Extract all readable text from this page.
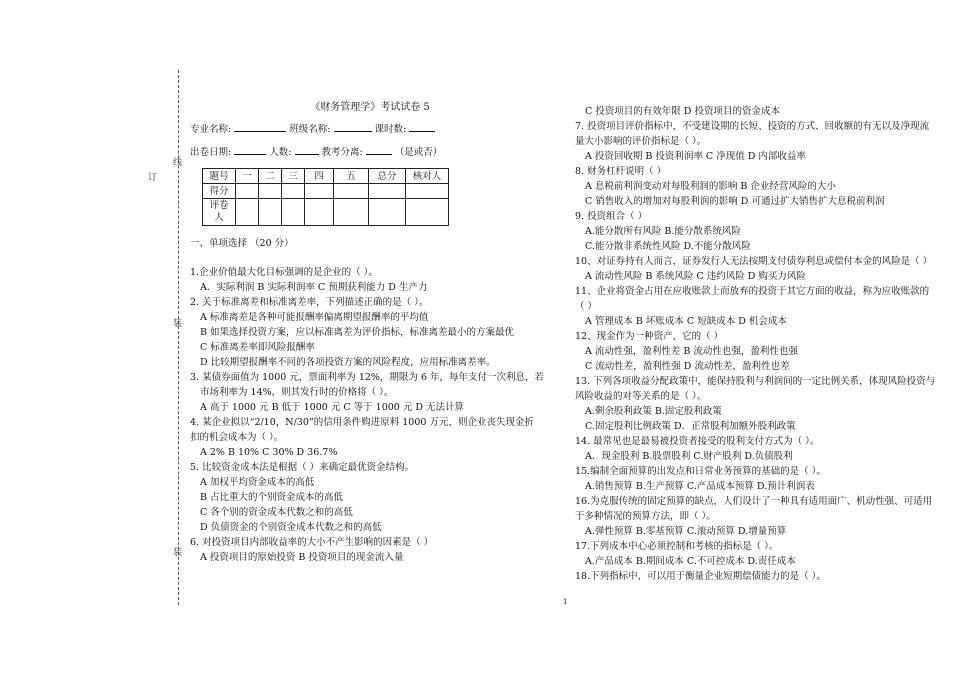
线
订
装
装
《财务管理学》考试试卷 5
专业名称:	班级名称:	课时数:
出卷日期:	人数:	教考分离:	（是或否）
题号	一	二	三	四	五	总分	核对人
得分							
评卷人							
一、单项选择 （20 分）
1.企业价值最大化目标强调的是企业的（ ）。
A．实际利润 B 实际利润率 C 预期获利能力 D 生产力
2. 关于标准离差和标准离差率，下列描述正确的是（ ）。
A 标准离差是各种可能报酬率偏离期望报酬率的平均值
B 如果选择投资方案，应以标准离差为评价指标，标准离差最小的方案最优
C 标准离差率即风险报酬率
D 比较期望报酬率不同的各项投资方案的风险程度，应用标准离差率。
3. 某债券面值为 1000 元，票面利率为 12%，期限为 6 年，每年支付一次利息，若
市场利率为 14%，则其发行时的价格将（ ）。
A 高于 1000 元 B 低于 1000 元 C 等于 1000 元 D 无法计算
4. 某企业拟以“2/10，N/30”的信用条件购进原料 1000 万元，则企业丧失现金折
扣的机会成本为（ ）。
A 2% B 10% C 30% D 36.7%
5. 比较资金成本法是根据（ ）来确定最优资金结构。
A 加权平均资金成本的高低
B 占比重大的个别资金成本的高低
C 各个别的资金成本代数之和的高低
D 负债资金的个别资金成本代数之和的高低
6. 对投资项目内部收益率的大小不产生影响的因素是（ ）
A 投资项目的原始投资 B 投资项目的现金流入量
C 投资项目的有效年限 D 投资项目的资金成本
7. 投资项目评价指标中，不受建设期的长短、投资的方式、回收额的有无以及净现流
量大小影响的评价指标是（ ）。
A 投资回收期 B 投资利润率 C 净现值 D 内部收益率
8. 财务杠杆说明（ ）
A 息税前利润变动对每股利润的影响 B 企业经营风险的大小
C 销售收入的增加对每股利润的影响 D 可通过扩大销售扩大息税前利润
9. 投资组合（ ）
A.能分散所有风险 B.能分散系统风险
C.能分散非系统性风险 D.不能分散风险
10、对证券持有人而言，证券发行人无法按期支付债券利息或偿付本金的风险是（ ）
A 流动性风险 B 系统风险 C 违约风险 D 购买力风险
11、企业将资金占用在应收账款上而放弃的投资于其它方面的收益，称为应收账款的
（ ）
A 管理成本 B 坏账成本 C 短缺成本 D 机会成本
12、现金作为一种资产，它的（ ）
A 流动性强，盈利性差 B 流动性也强，盈利性也强
C 流动性差，盈利性强 D 流动性差，盈利性也差
13. 下列各项收益分配政策中，能保持股利与利润间的一定比例关系，体现风险投资与
风险收益的对等关系的是（ ）。
A.剩余股利政策 B.固定股利政策
C.固定股利比例政策 D．正常股利加额外股利政策
14. 最常见也是最易被投资者接受的股利支付方式为（ ）。
A．现金股利 B.股票股利 C.财产股利 D.负债股利
15.编制全面预算的出发点和日常业务预算的基础的是（ ）。
A.销售预算 B.生产预算 C.产品成本预算 D.预计利润表
16.为克服传统的固定预算的缺点，人们设计了一种具有适用面广、机动性强、可适用
于多种情况的预算方法，即（ ）。
A.弹性预算 B.零基预算 C.滚动预算 D.增量预算
17.下列成本中心必须控制和考核的指标是（ ）。
A.产品成本 B.期间成本 C.不可控成本 D.责任成本
18.下列指标中，可以用于衡量企业短期偿债能力的是（ ）。
1
